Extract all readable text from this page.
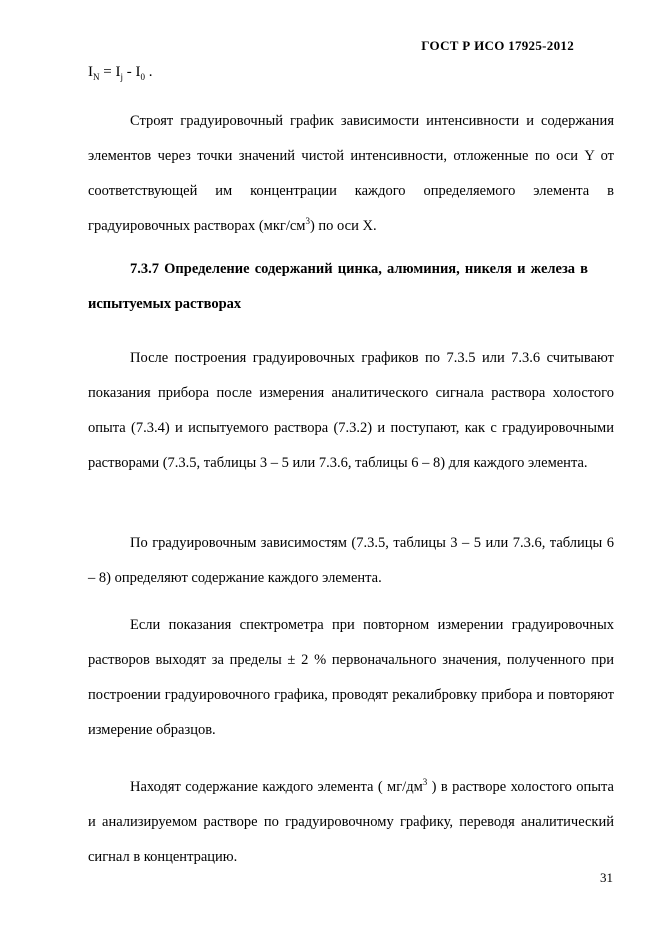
ГОСТ Р ИСО 17925-2012
$I_N = I_j - I_0$ .

Строят градуировочный график зависимости интенсивности и содержания элементов через точки значений чистой интенсивности, отложенные по оси Y от соответствующей им концентрации каждого определяемого элемента в градуировочных растворах $(мкг/см^3)$ по оси X.

7.3.7 Определение содержаний цинка, алюминия, никеля и железа в испытуемых растворах

После построения градуировочных графиков по 7.3.5 или 7.3.6 считывают показания прибора после измерения аналитического сигнала раствора холостого опыта (7.3.4) и испытуемого раствора (7.3.2) и поступают, как с градуировочными растворами (7.3.5, таблицы 3 – 5 или 7.3.6, таблицы 6 – 8) для каждого элемента.

По градуировочным зависимостям (7.3.5, таблицы 3 – 5 или 7.3.6, таблицы 6 – 8) определяют содержание каждого элемента.

Если показания спектрометра при повторном измерении градуировочных растворов выходят за пределы ± 2 % первоначального значения, полученного при построении градуировочного графика, проводят рекалибровку прибора и повторяют измерение образцов.

Находят содержание каждого элемента ( $мг/дм^3$ ) в растворе холостого опыта и анализируемом растворе по градуировочному графику, переводя аналитический сигнал в концентрацию.

31
